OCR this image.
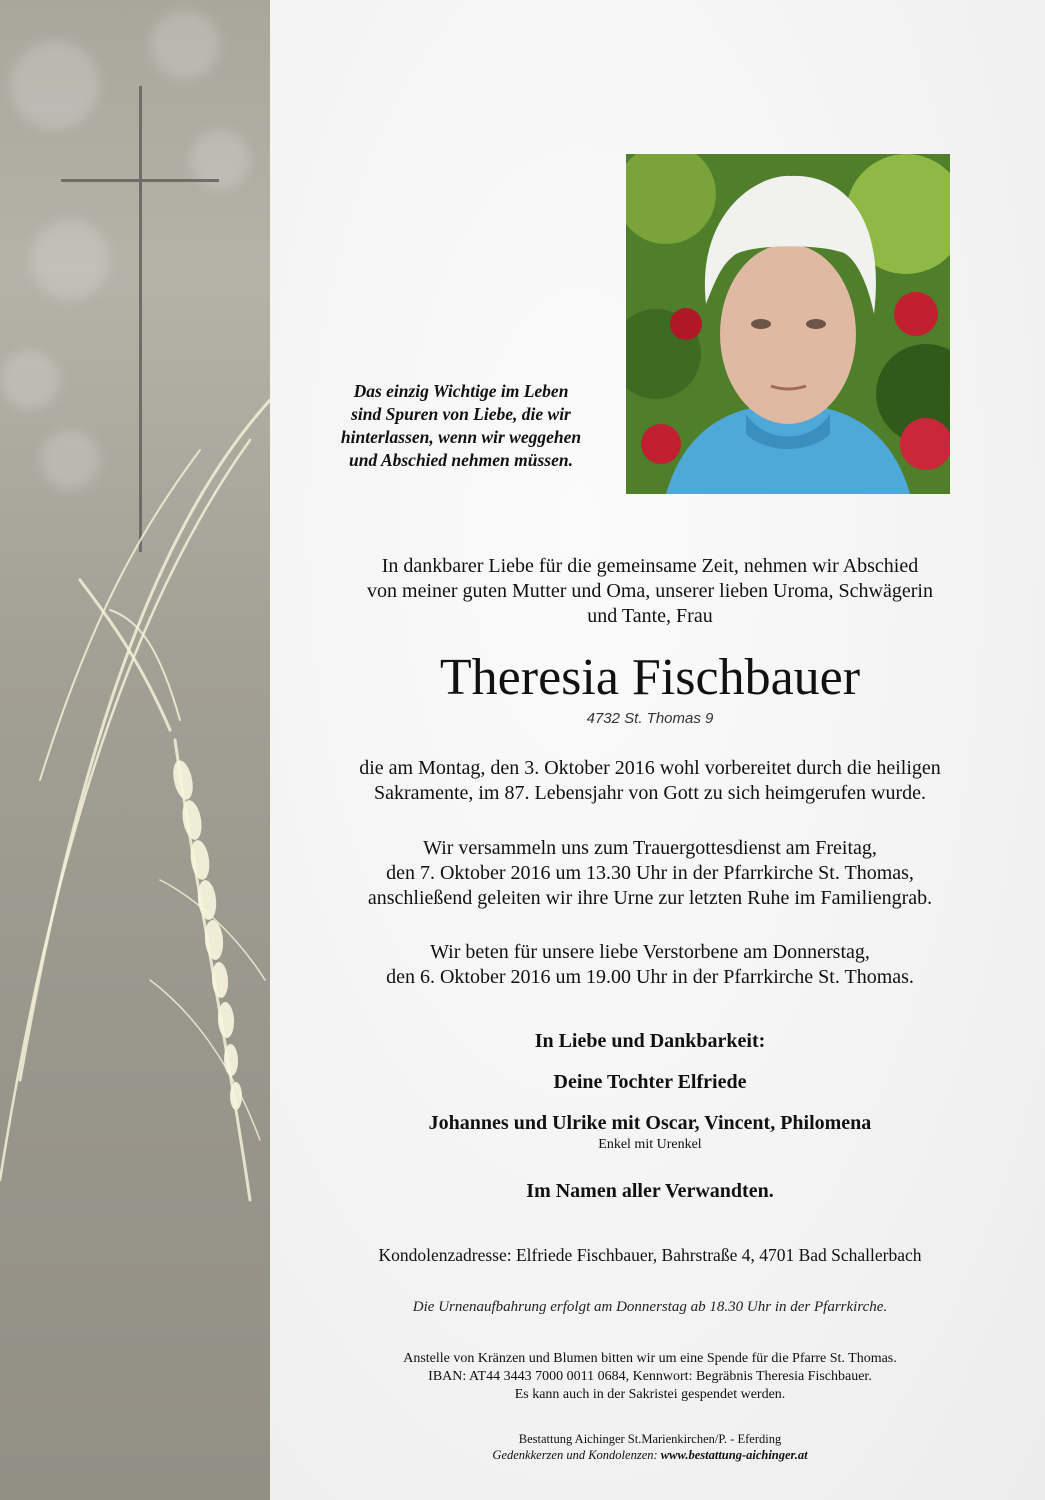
Das einzig Wichtige im Leben
sind Spuren von Liebe, die wir
hinterlassen, wenn wir weggehen
und Abschied nehmen müssen.
In dankbarer Liebe für die gemeinsame Zeit, nehmen wir Abschied
von meiner guten Mutter und Oma, unserer lieben Uroma, Schwägerin
und Tante, Frau
Theresia Fischbauer
4732 St. Thomas 9
die am Montag, den 3. Oktober 2016 wohl vorbereitet durch die heiligen
Sakramente, im 87. Lebensjahr von Gott zu sich heimgerufen wurde.
Wir versammeln uns zum Trauergottesdienst am Freitag,
den 7. Oktober 2016 um 13.30 Uhr in der Pfarrkirche St. Thomas,
anschließend geleiten wir ihre Urne zur letzten Ruhe im Familiengrab.
Wir beten für unsere liebe Verstorbene am Donnerstag,
den 6. Oktober 2016 um 19.00 Uhr in der Pfarrkirche St. Thomas.
In Liebe und Dankbarkeit:
Deine Tochter Elfriede
Johannes und Ulrike mit Oscar, Vincent, Philomena
Enkel mit Urenkel
Im Namen aller Verwandten.
Kondolenzadresse: Elfriede Fischbauer, Bahrstraße 4, 4701 Bad Schallerbach
Die Urnenaufbahrung erfolgt am Donnerstag ab 18.30 Uhr in der Pfarrkirche.
Anstelle von Kränzen und Blumen bitten wir um eine Spende für die Pfarre St. Thomas.
IBAN: AT44 3443 7000 0011 0684, Kennwort: Begräbnis Theresia Fischbauer.
Es kann auch in der Sakristei gespendet werden.
Bestattung Aichinger St.Marienkirchen/P. - Eferding
Gedenkkerzen und Kondolenzen: www.bestattung-aichinger.at
